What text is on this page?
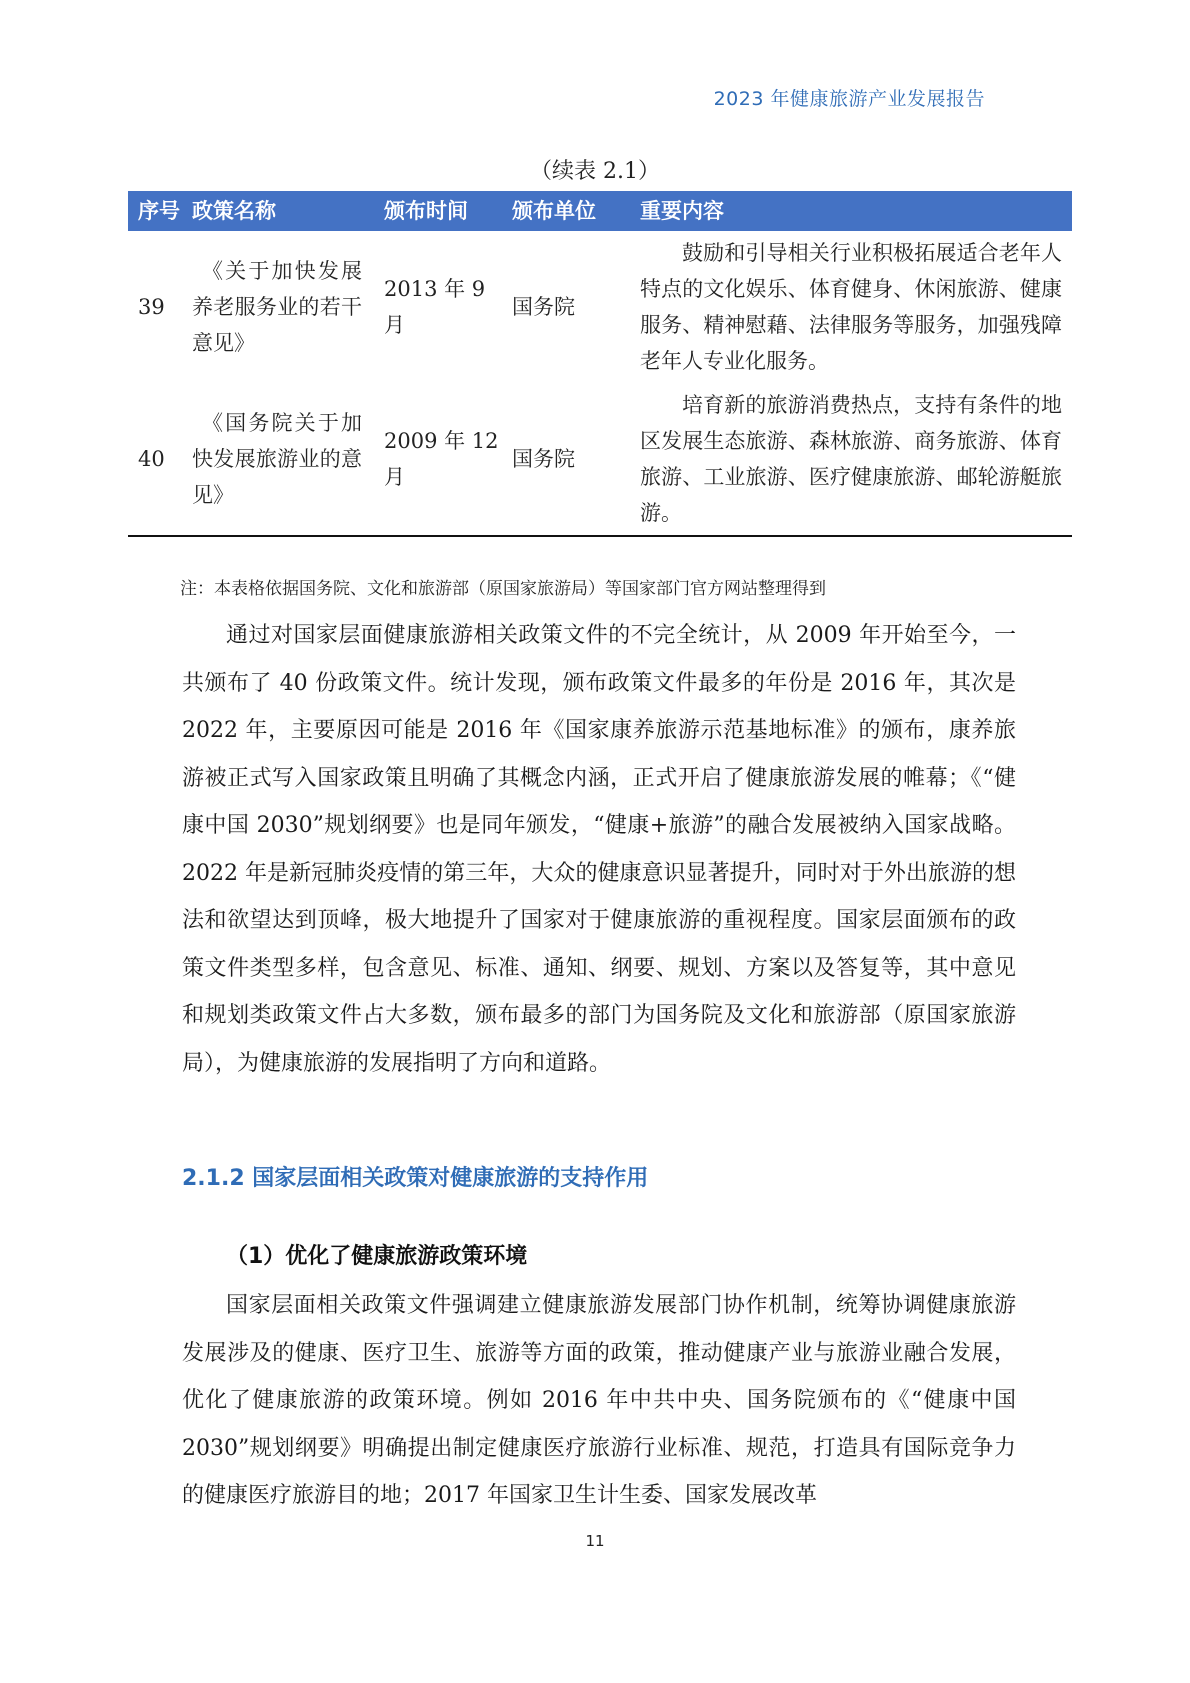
2023 年健康旅游产业发展报告
（续表 2.1）
序号	政策名称	颁布时间	颁布单位	重要内容
39	《关于加快发展养老服务业的若干意见》	2013 年 9 月	国务院	鼓励和引导相关行业积极拓展适合老年人特点的文化娱乐、体育健身、休闲旅游、健康服务、精神慰藉、法律服务等服务，加强残障老年人专业化服务。
40	《国务院关于加快发展旅游业的意见》	2009 年 12 月	国务院	培育新的旅游消费热点，支持有条件的地区发展生态旅游、森林旅游、商务旅游、体育旅游、工业旅游、医疗健康旅游、邮轮游艇旅游。
注：本表格依据国务院、文化和旅游部（原国家旅游局）等国家部门官方网站整理得到

通过对国家层面健康旅游相关政策文件的不完全统计，从 2009 年开始至今，一共颁布了 40 份政策文件。统计发现，颁布政策文件最多的年份是 2016 年，其次是 2022 年，主要原因可能是 2016 年《国家康养旅游示范基地标准》的颁布，康养旅游被正式写入国家政策且明确了其概念内涵，正式开启了健康旅游发展的帷幕；《“健康中国 2030”规划纲要》也是同年颁发，“健康+旅游”的融合发展被纳入国家战略。2022 年是新冠肺炎疫情的第三年，大众的健康意识显著提升，同时对于外出旅游的想法和欲望达到顶峰，极大地提升了国家对于健康旅游的重视程度。国家层面颁布的政策文件类型多样，包含意见、标准、通知、纲要、规划、方案以及答复等，其中意见和规划类政策文件占大多数，颁布最多的部门为国务院及文化和旅游部（原国家旅游局），为健康旅游的发展指明了方向和道路。

2.1.2 国家层面相关政策对健康旅游的支持作用
（1）优化了健康旅游政策环境

国家层面相关政策文件强调建立健康旅游发展部门协作机制，统筹协调健康旅游发展涉及的健康、医疗卫生、旅游等方面的政策，推动健康产业与旅游业融合发展，优化了健康旅游的政策环境。例如 2016 年中共中央、国务院颁布的《“健康中国 2030”规划纲要》明确提出制定健康医疗旅游行业标准、规范，打造具有国际竞争力的健康医疗旅游目的地；2017 年国家卫生计生委、国家发展改革

11
